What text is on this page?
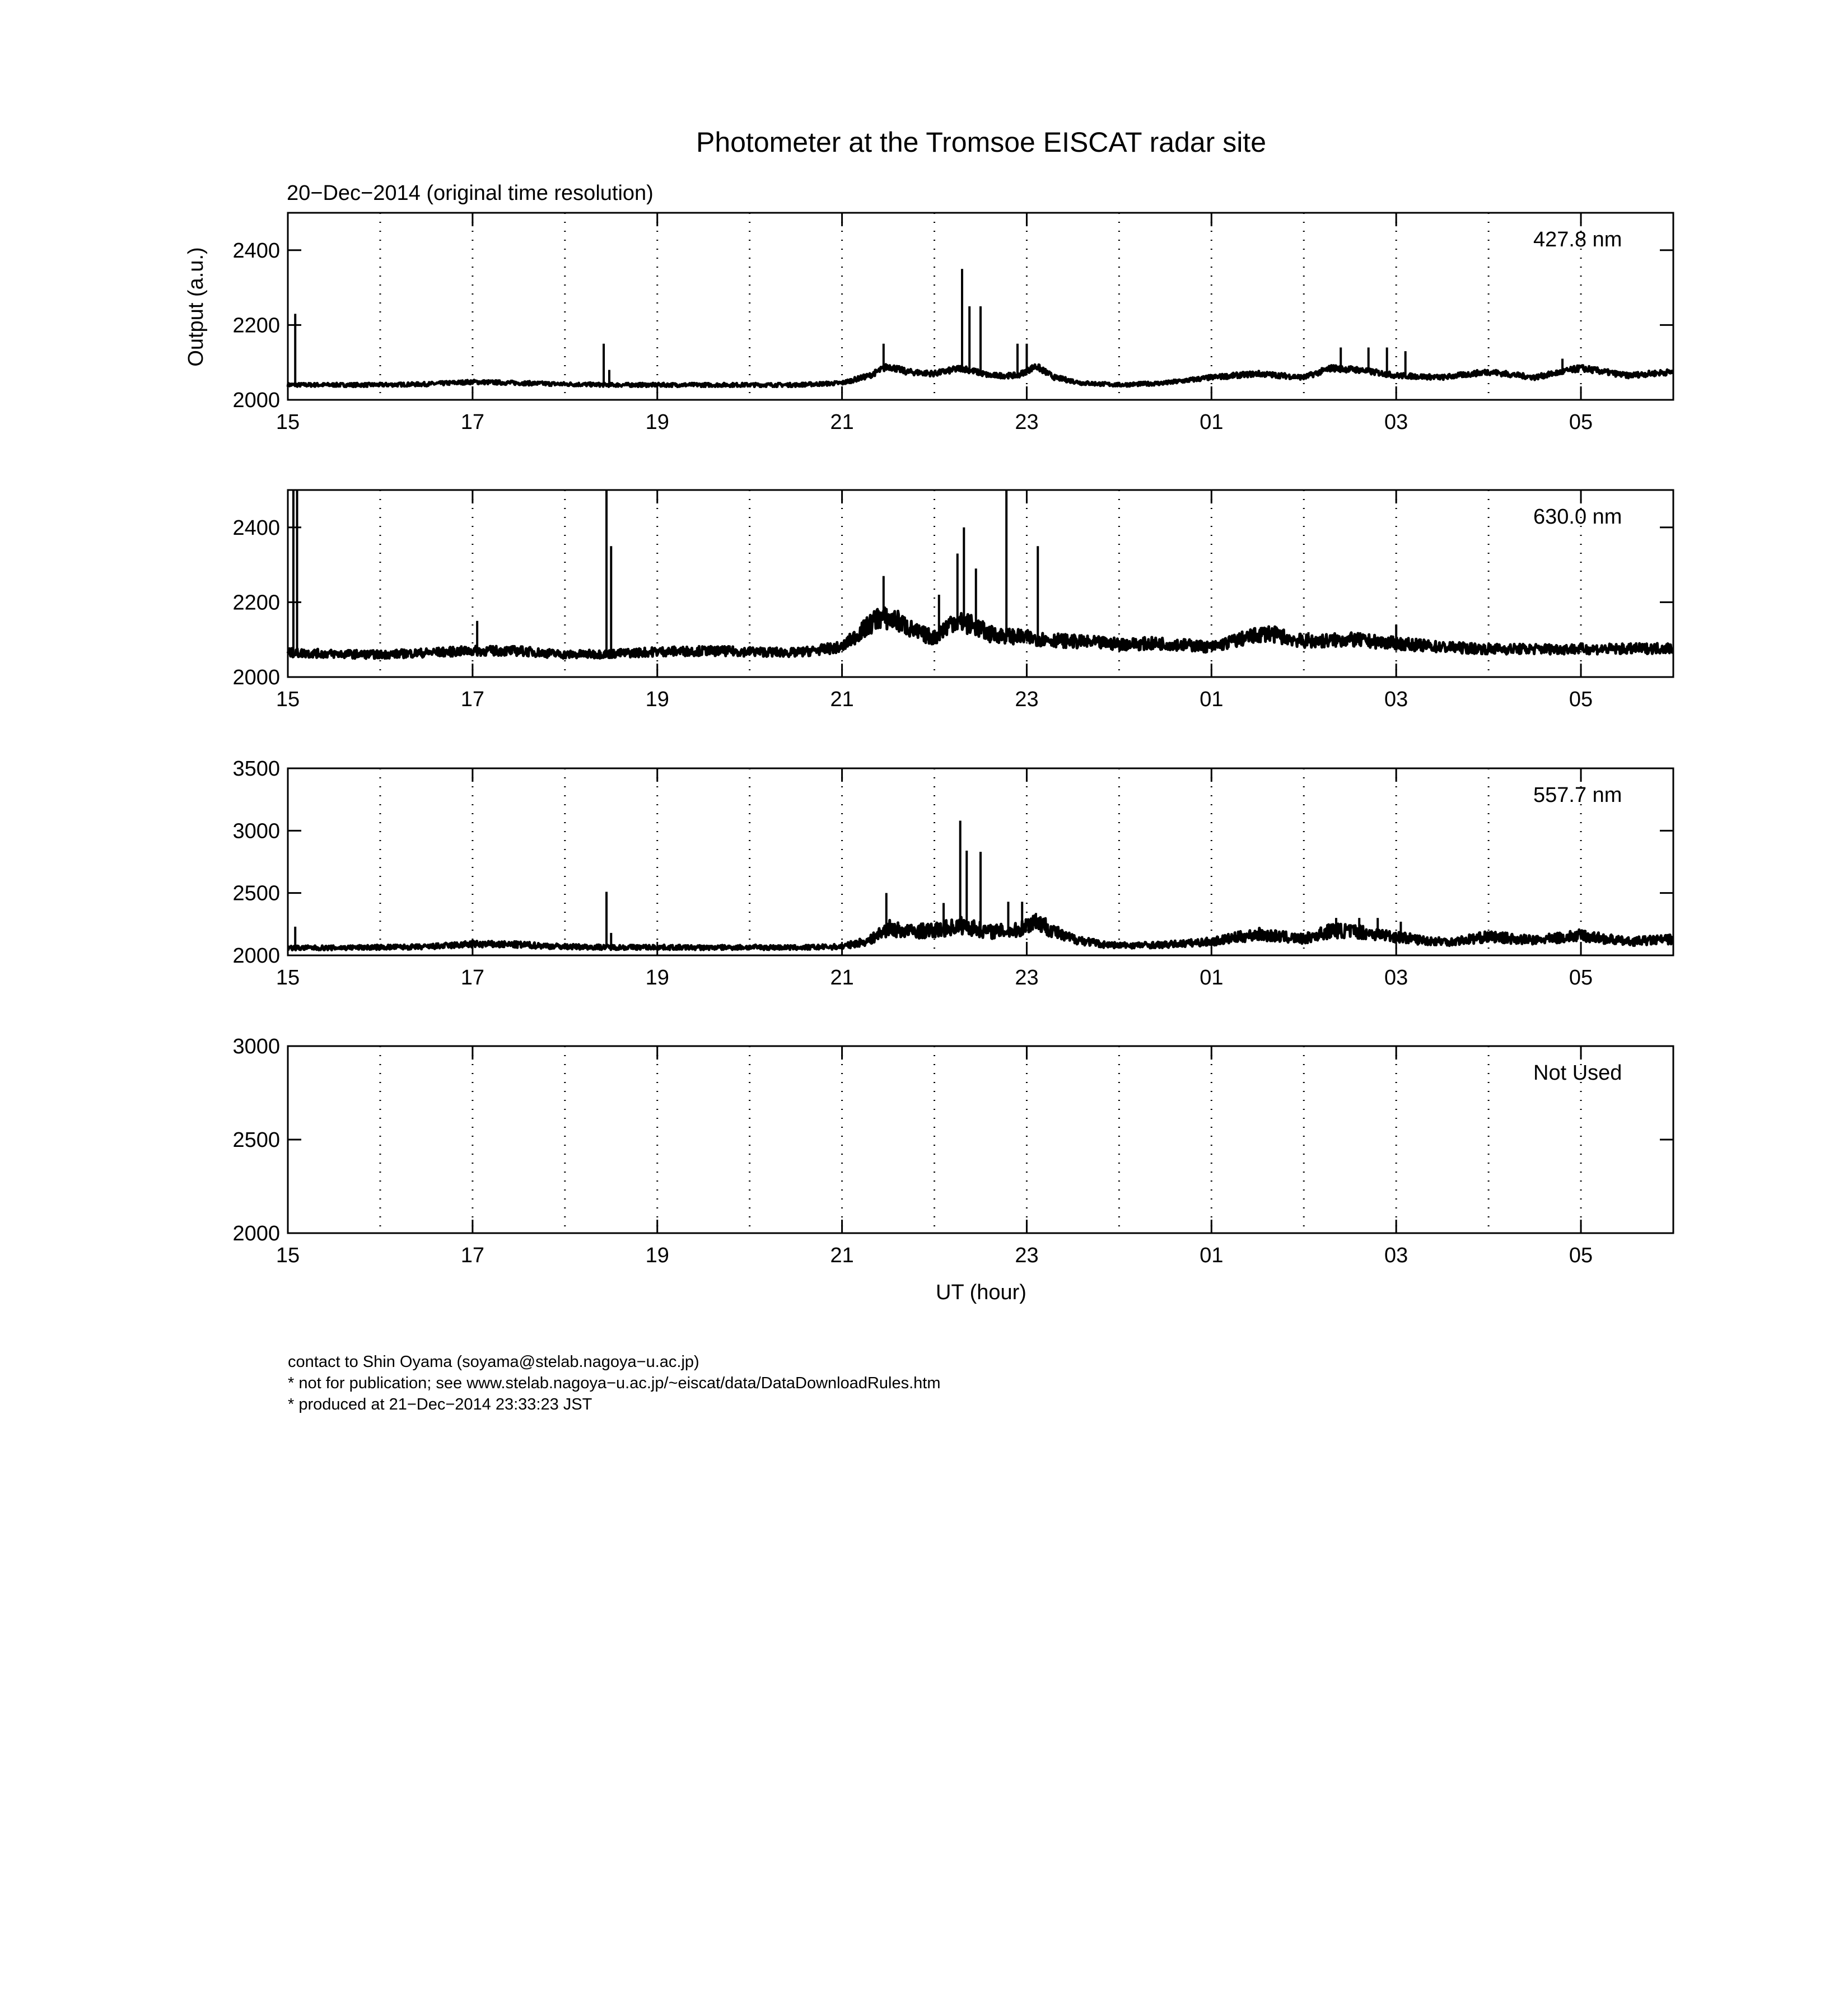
Photometer at the Tromsoe EISCAT radar site
20−Dec−2014 (original time resolution)
Output (a.u.)
UT (hour)
2000
2200
2400
15	17	19	21	23	01	03	05
427.8 nm
2000
2200
2400
15	17	19	21	23	01	03	05
630.0 nm
2000
2500
3000
3500
15	17	19	21	23	01	03	05
557.7 nm
2000
2500
3000
15	17	19	21	23	01	03	05
Not Used
contact to Shin Oyama (soyama@stelab.nagoya−u.ac.jp)
* not for publication; see www.stelab.nagoya−u.ac.jp/~eiscat/data/DataDownloadRules.htm
* produced at 21−Dec−2014 23:33:23 JST
